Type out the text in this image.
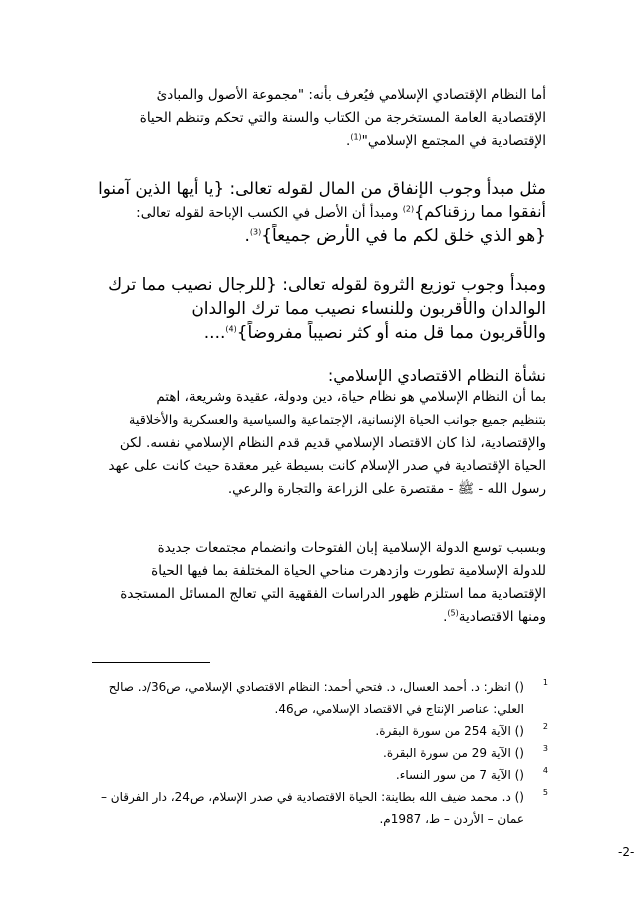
أما النظام الإقتصادي الإسلامي فيُعرف بأنه: "مجموعة الأصول والمبادئ
الإقتصادية العامة المستخرجة من الكتاب والسنة والتي تحكم وتنظم الحياة
الإقتصادية في المجتمع الإسلامي"$^{(1)}$.
مثل مبدأ وجوب الإنفاق من المال لقوله تعالى: {يا أيها الذين آمنوا
أنفقوا مما رزقناكم}$^{(2)}$ ومبدأ أن الأصل في الكسب الإباحة لقوله تعالى:
{هو الذي خلق لكم ما في الأرض جميعاً}$^{(3)}$.
ومبدأ وجوب توزيع الثروة لقوله تعالى: {للرجال نصيب مما ترك
الوالدان والأقربون وللنساء نصيب مما ترك الوالدان
والأقربون مما قل منه أو كثر نصيباً مفروضاً}$^{(4)}$....
نشأة النظام الاقتصادي الإسلامي:
بما أن النظام الإسلامي هو نظام حياة، دين ودولة، عقيدة وشريعة، اهتم
بتنظيم جميع جوانب الحياة الإنسانية، الإجتماعية والسياسية والعسكرية والأخلاقية
والإقتصادية، لذا كان الاقتصاد الإسلامي قديم قدم النظام الإسلامي نفسه. لكن
الحياة الإقتصادية في صدر الإسلام كانت بسيطة غير معقدة حيث كانت على عهد
رسول الله - ﷺ - مقتصرة على الزراعة والتجارة والرعي.
وبسبب توسع الدولة الإسلامية إبان الفتوحات وانضمام مجتمعات جديدة
للدولة الإسلامية تطورت وازدهرت مناحي الحياة المختلفة بما فيها الحياة
الإقتصادية مما استلزم ظهور الدراسات الفقهية التي تعالج المسائل المستجدة
ومنها الاقتصادية$^{(5)}$.
1
() انظر: د. أحمد العسال، د. فتحي أحمد: النظام الاقتصادي الإسلامي، ص36/د. صالح
العلي: عناصر الإنتاج في الاقتصاد الإسلامي، ص46.
2
() الآية 254 من سورة البقرة.
3
() الآية 29 من سورة البقرة.
4
() الآية 7 من سور النساء.
5
() د. محمد ضيف الله بطاينة: الحياة الاقتصادية في صدر الإسلام، ص24، دار الفرقان –
عمان – الأردن – ط، 1987م.
-2-
